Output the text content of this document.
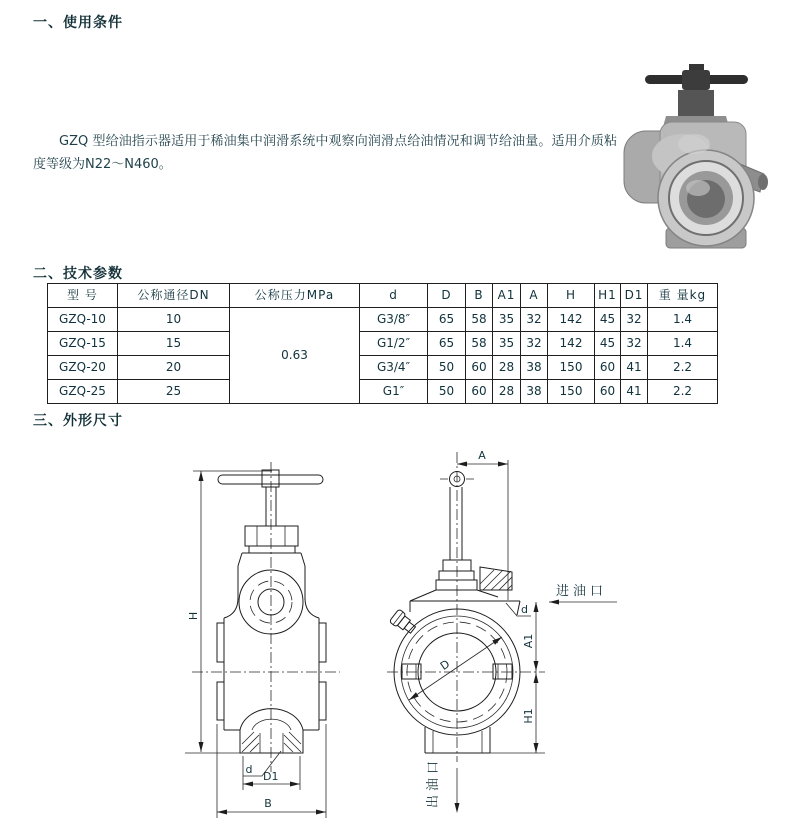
一、使用条件

GZQ 型给油指示器适用于稀油集中润滑系统中观察向润滑点给油情况和调节给油量。适用介质粘度等级为N22～N460。

二、技术参数
型 号	公称通径DN	公称压力MPa	d	D	B	A1	A	H	H1	D1	重 量kg
GZQ-10	10	0.63	G3/8″	65	58	35	32	142	45	32	1.4
GZQ-15	15		G1/2″	65	58	35	32	142	45	32	1.4
GZQ-20	20		G3/4″	50	60	28	38	150	60	41	2.2
GZQ-25	25		G1″	50	60	28	38	150	60	41	2.2
三、外形尺寸
H
d
D1
B
A
D
进油口
d
A1
H1
出油口
